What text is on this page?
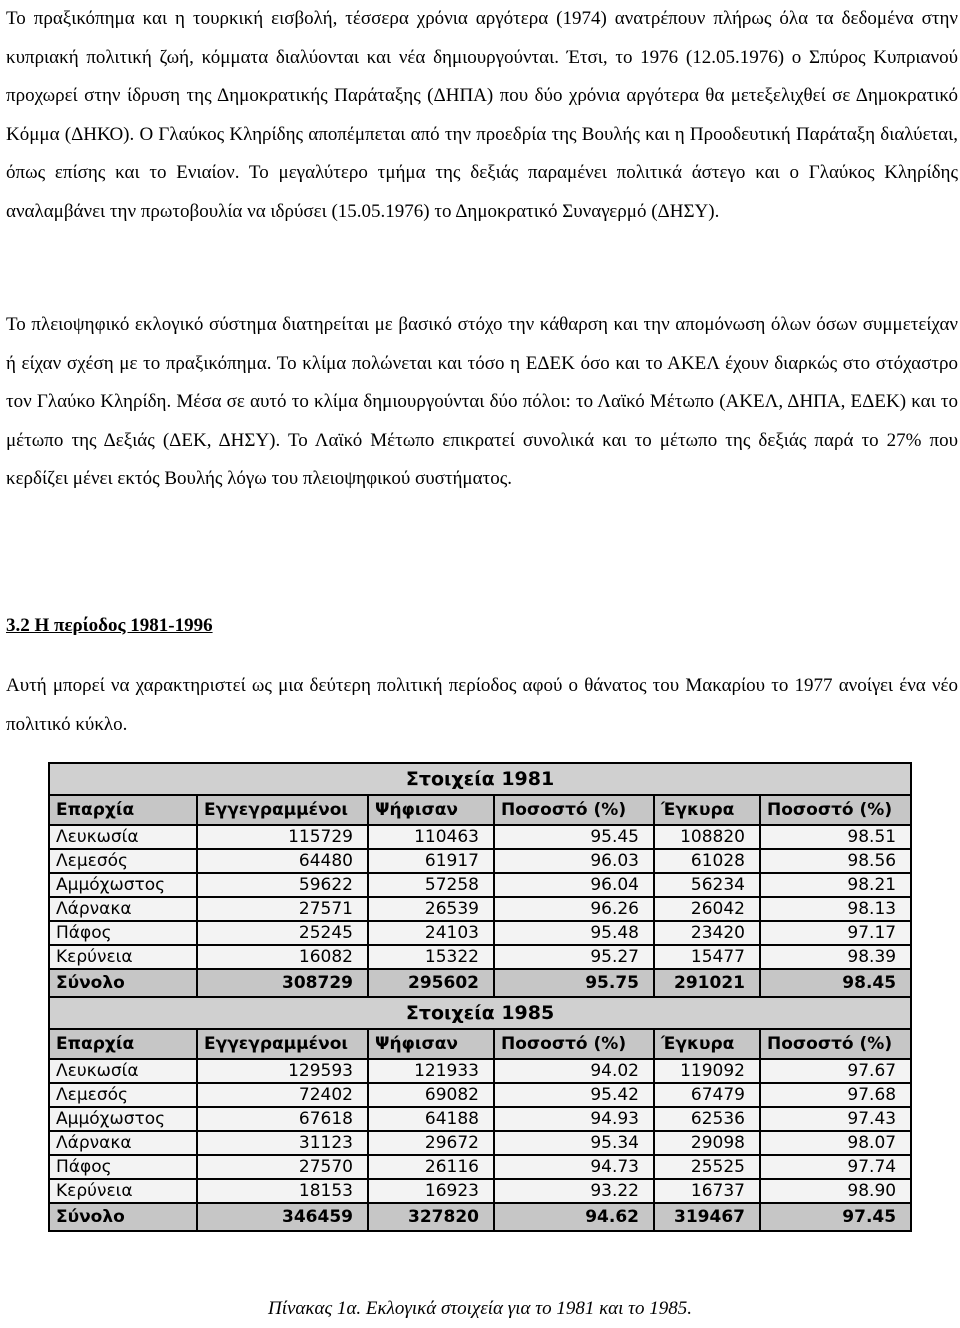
Το πραξικόπημα και η τουρκική εισβολή, τέσσερα χρόνια αργότερα (1974) ανατρέπουν πλήρως όλα τα δεδομένα στην κυπριακή πολιτική ζωή, κόμματα διαλύονται και νέα δημιουργούνται. Έτσι, το 1976 (12.05.1976) ο Σπύρος Κυπριανού προχωρεί στην ίδρυση της Δημοκρατικής Παράταξης (ΔΗΠΑ) που δύο χρόνια αργότερα θα μετεξελιχθεί σε Δημοκρατικό Κόμμα (ΔΗΚΟ). Ο Γλαύκος Κληρίδης αποπέμπεται από την προεδρία της Βουλής και η Προοδευτική Παράταξη διαλύεται, όπως επίσης και το Ενιαίον. Το μεγαλύτερο τμήμα της δεξιάς παραμένει πολιτικά άστεγο και ο Γλαύκος Κληρίδης αναλαμβάνει την πρωτοβουλία να ιδρύσει (15.05.1976) το Δημοκρατικό Συναγερμό (ΔΗΣΥ).

Το πλειοψηφικό εκλογικό σύστημα διατηρείται με βασικό στόχο την κάθαρση και την απομόνωση όλων όσων συμμετείχαν ή είχαν σχέση με το πραξικόπημα. Το κλίμα πολώνεται και τόσο η ΕΔΕΚ όσο και το ΑΚΕΛ έχουν διαρκώς στο στόχαστρο τον Γλαύκο Κληρίδη. Μέσα σε αυτό το κλίμα δημιουργούνται δύο πόλοι: το Λαϊκό Μέτωπο (ΑΚΕΛ, ΔΗΠΑ, ΕΔΕΚ) και το μέτωπο της Δεξιάς (ΔΕΚ, ΔΗΣΥ). Το Λαϊκό Μέτωπο επικρατεί συνολικά και το μέτωπο της δεξιάς παρά το 27% που κερδίζει μένει εκτός Βουλής λόγω του πλειοψηφικού συστήματος.

3.2 Η περίοδος 1981-1996

Αυτή μπορεί να χαρακτηριστεί ως μια δεύτερη πολιτική περίοδος αφού ο θάνατος του Μακαρίου το 1977 ανοίγει ένα νέο πολιτικό κύκλο.

Στοιχεία 1981					
Επαρχία	Εγγεγραμμένοι	Ψήφισαν	Ποσοστό (%)	Έγκυρα	Ποσοστό (%)
Λευκωσία	115729	110463	95.45	108820	98.51
Λεμεσός	64480	61917	96.03	61028	98.56
Αμμόχωστος	59622	57258	96.04	56234	98.21
Λάρνακα	27571	26539	96.26	26042	98.13
Πάφος	25245	24103	95.48	23420	97.17
Κερύνεια	16082	15322	95.27	15477	98.39
Σύνολο	308729	295602	95.75	291021	98.45
Στοιχεία 1985					
Επαρχία	Εγγεγραμμένοι	Ψήφισαν	Ποσοστό (%)	Έγκυρα	Ποσοστό (%)
Λευκωσία	129593	121933	94.02	119092	97.67
Λεμεσός	72402	69082	95.42	67479	97.68
Αμμόχωστος	67618	64188	94.93	62536	97.43
Λάρνακα	31123	29672	95.34	29098	98.07
Πάφος	27570	26116	94.73	25525	97.74
Κερύνεια	18153	16923	93.22	16737	98.90
Σύνολο	346459	327820	94.62	319467	97.45
Πίνακας 1α. Εκλογικά στοιχεία για το 1981 και το 1985.
